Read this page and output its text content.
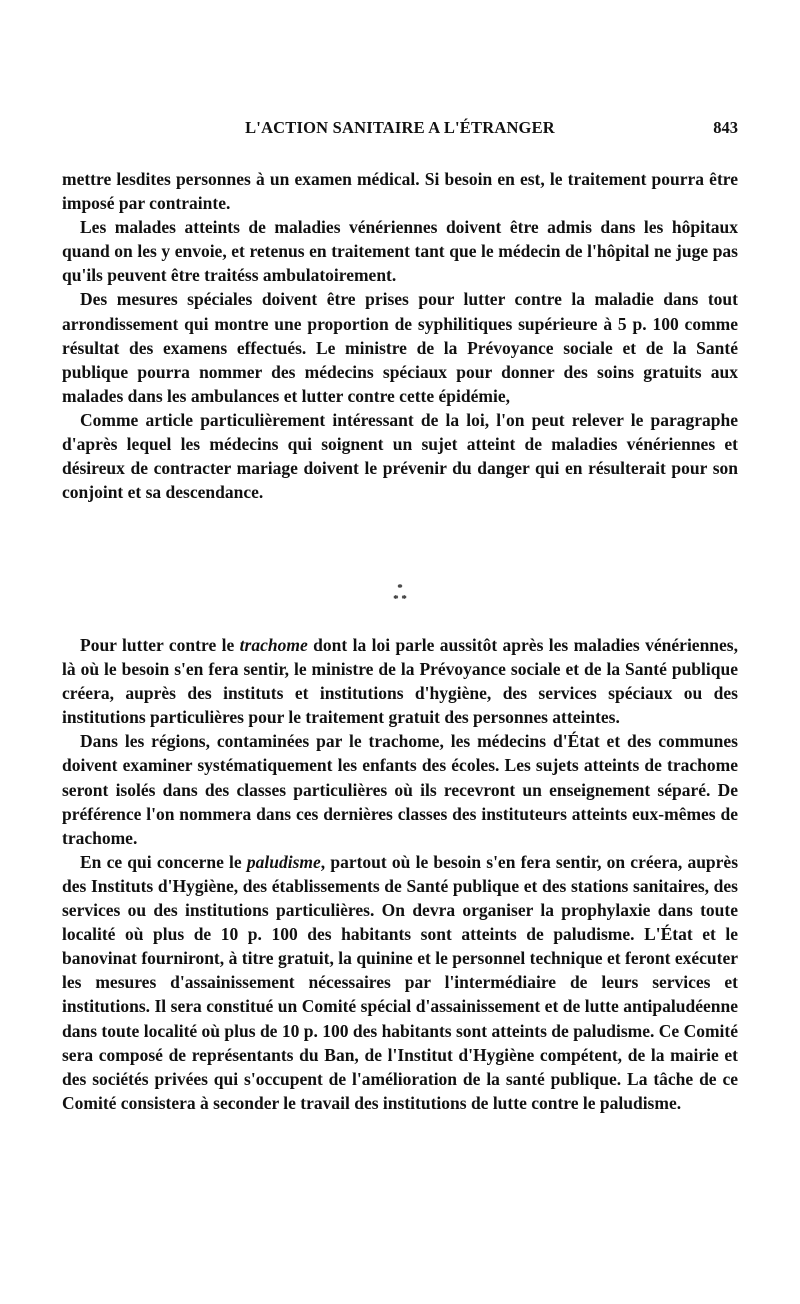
L'ACTION SANITAIRE A L'ÉTRANGER	843

mettre lesdites personnes à un examen médical. Si besoin en est, le traitement pourra être imposé par contrainte.

Les malades atteints de maladies vénériennes doivent être admis dans les hôpitaux quand on les y envoie, et retenus en traitement tant que le médecin de l'hôpital ne juge pas qu'ils peuvent être traitéss ambulatoirement.

Des mesures spéciales doivent être prises pour lutter contre la maladie dans tout arrondissement qui montre une proportion de syphilitiques supérieure à 5 p. 100 comme résultat des examens effectués. Le ministre de la Prévoyance sociale et de la Santé publique pourra nommer des médecins spéciaux pour donner des soins gratuits aux malades dans les ambulances et lutter contre cette épidémie,

Comme article particulièrement intéressant de la loi, l'on peut relever le paragraphe d'après lequel les médecins qui soignent un sujet atteint de maladies vénériennes et désireux de contracter mariage doivent le prévenir du danger qui en résulterait pour son conjoint et sa descendance.

*
* *

Pour lutter contre le trachome dont la loi parle aussitôt après les maladies vénériennes, là où le besoin s'en fera sentir, le ministre de la Prévoyance sociale et de la Santé publique créera, auprès des instituts et institutions d'hygiène, des services spéciaux ou des institutions particulières pour le traitement gratuit des personnes atteintes.

Dans les régions, contaminées par le trachome, les médecins d'État et des communes doivent examiner systématiquement les enfants des écoles. Les sujets atteints de trachome seront isolés dans des classes particulières où ils recevront un enseignement séparé. De préférence l'on nommera dans ces dernières classes des instituteurs atteints eux-mêmes de trachome.

En ce qui concerne le paludisme, partout où le besoin s'en fera sentir, on créera, auprès des Instituts d'Hygiène, des établissements de Santé publique et des stations sanitaires, des services ou des institutions particulières. On devra organiser la prophylaxie dans toute localité où plus de 10 p. 100 des habitants sont atteints de paludisme. L'État et le banovinat fourniront, à titre gratuit, la quinine et le personnel technique et feront exécuter les mesures d'assainissement nécessaires par l'intermédiaire de leurs services et institutions. Il sera constitué un Comité spécial d'assainissement et de lutte antipaludéenne dans toute localité où plus de 10 p. 100 des habitants sont atteints de paludisme. Ce Comité sera composé de représentants du Ban, de l'Institut d'Hygiène compétent, de la mairie et des sociétés privées qui s'occupent de l'amélioration de la santé publique. La tâche de ce Comité consistera à seconder le travail des institutions de lutte contre le paludisme.
